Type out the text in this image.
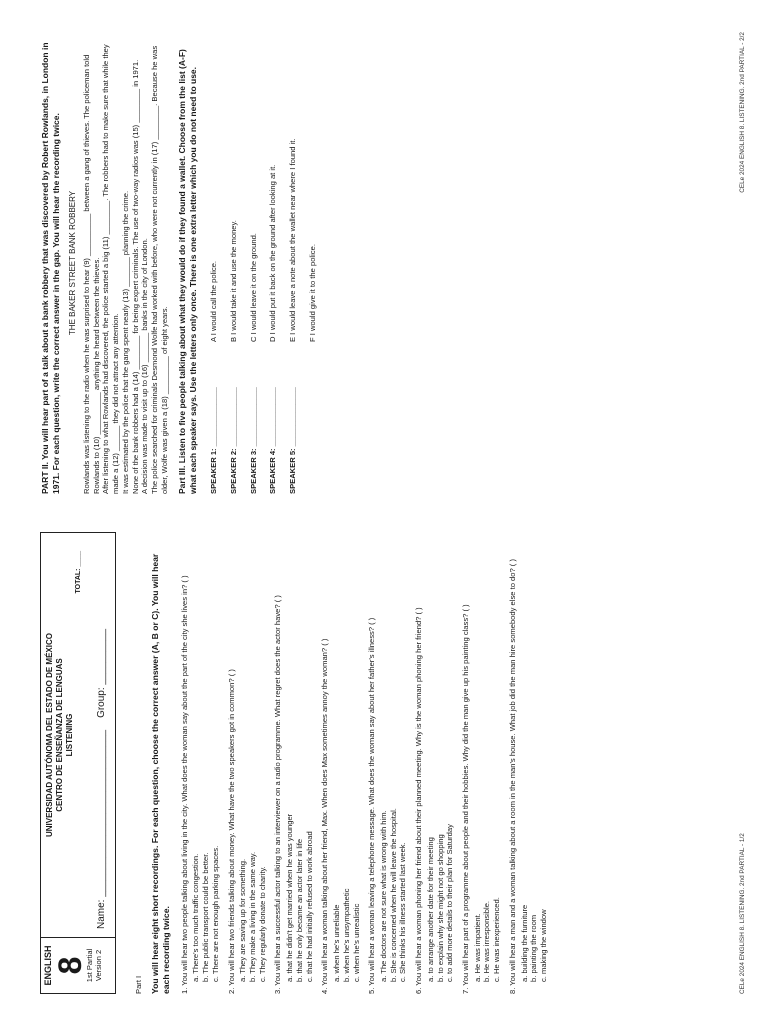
ENGLISH
8
1st Partial Version 2
UNIVERSIDAD AUTÓNOMA DEL ESTADO DE MÉXICO CENTRO DE ENSEÑANZA DE LENGUAS LISTENING
TOTAL: ____
Name: ______________________________
Group: __________
Part I You will hear eight short recordings. For each question, choose the correct answer (A, B or C). You will hear each recording twice. 1. You will hear two people talking about living in the city. What does the woman say about the part of the city she lives in? ( ) a. There's too much traffic congestion. b. The public transport could be better. c. There are not enough parking spaces. 2. You will hear two friends talking about money. What have the two speakers got in common? ( ) a. They are saving up for something. b. They make a living in the same way. c. They regularly donate to charity. 3. You will hear a successful actor talking to an interviewer on a radio programme. What regret does the actor have? ( ) a. that he didn't get married when he was younger b. that he only became an actor later in life c. that he had initially refused to work abroad 4. You will hear a woman talking about her friend, Max. When does Max sometimes annoy the woman? ( ) a. when he's unreliable b. when he's unsympathetic c. when he's unrealistic 5. You will hear a woman leaving a telephone message. What does the woman say about her father's illness? ( ) a. The doctors are not sure what is wrong with him. b. She is concerned when he will leave the hospital. c. She thinks his illness started last week. 6. You will hear a woman phoning her friend about their planned meeting. Why is the woman phoning her friend? ( ) a. to arrange another date for their meeting b. to explain why she might not go shopping c. to add more details to their plan for Saturday 7. You will hear part of a programme about people and their hobbies. Why did the man give up his painting class? ( ) a. He was impatient. b. He was irresponsible. c. He was inexperienced. 8. You will hear a man and a woman talking about a room in the man's house. What job did the man hire somebody else to do? ( ) a. building the furniture b. painting the room c. making the window
PART II. You will hear part of a talk about a bank robbery that was discovered by Robert Rowlands, in London in 1971. For each question, write the correct answer in the gap. You will hear the recording twice. THE BAKER STREET BANK ROBBERY Rowlands was listening to the radio when he was surprised to hear (9) __________ between a gang of thieves. The policeman told Rowlands to (10) __________ anything he heard between the thieves. After listening to what Rowlands had discovered, the police started a big (11) ________. The robbers had to make sure that while they made a (12) ______ they did not attract any attention. It was estimated by the police that the gang spent nearly (13) _______ planning the crime. None of the bank robbers had a (14) ________ for being expert criminals. The use of two-way radios was (15) ________ in 1971. A decision was made to visit up to (16) _______ banks in the city of London. The police searched for criminals Desmond Wolfe had worked with before, who were not currently in (17) ________. Because he was older, Wolfe was given a (18) _________ of eight years. Part III. Listen to five people talking about what they would do if they found a wallet. Choose from the list (A-F) what each speaker says. Use the letters only once. There is one extra letter which you do not need to use. SPEAKER 1: ______________
A I would call the police.
SPEAKER 2: ______________
B I would take it and use the money.
SPEAKER 3: ______________
C I would leave it on the ground.
SPEAKER 4: ______________
D I would put it back on the ground after looking at it.
SPEAKER 5: ______________
E I would leave a note about the wallet near where I found it. F I would give it to the police.
CELe 2024 ENGLISH 8. LISTENING. 2nd PARTIAL - 1/2
CELe 2024 ENGLISH 8. LISTENING. 2nd PARTIAL - 2/2
